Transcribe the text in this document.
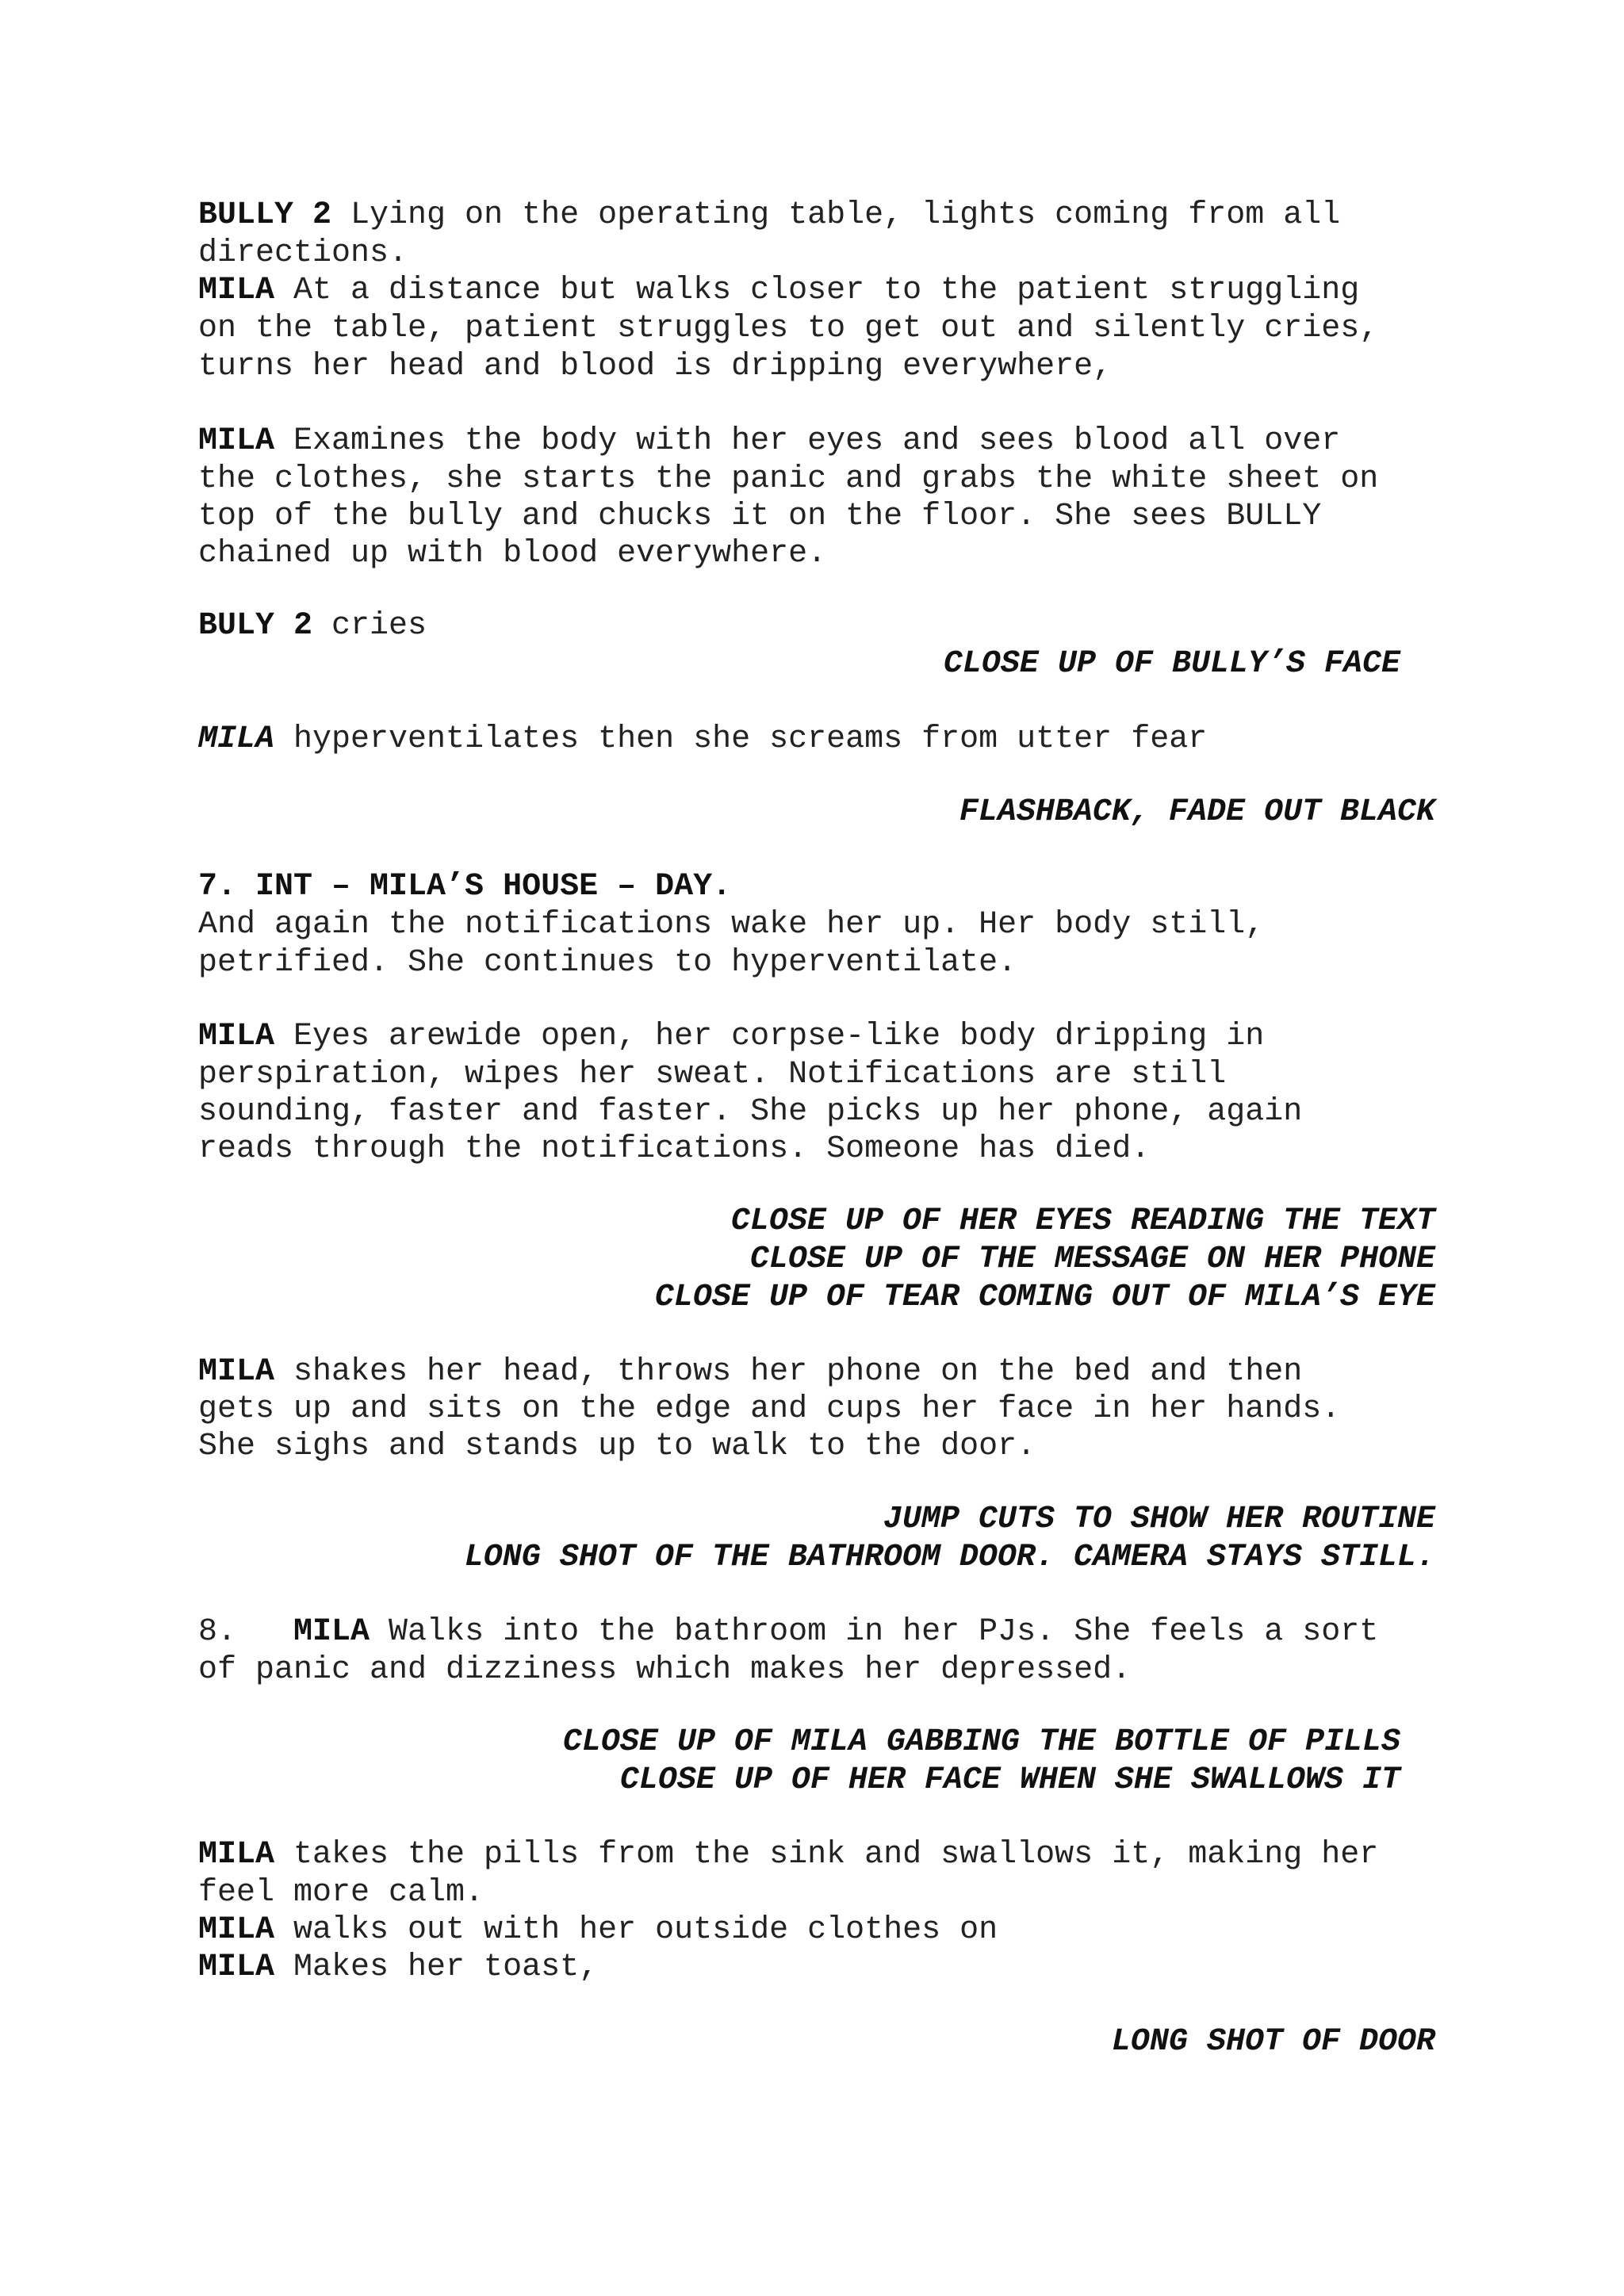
BULLY 2 Lying on the operating table, lights coming from all
directions.
MILA At a distance but walks closer to the patient struggling
on the table, patient struggles to get out and silently cries,
turns her head and blood is dripping everywhere,
MILA Examines the body with her eyes and sees blood all over
the clothes, she starts the panic and grabs the white sheet on
top of the bully and chucks it on the floor. She sees BULLY
chained up with blood everywhere.
BULY 2 cries
CLOSE UP OF BULLY’S FACE
MILA hyperventilates then she screams from utter fear
FLASHBACK, FADE OUT BLACK
7. INT – MILA’S HOUSE – DAY.
And again the notifications wake her up. Her body still,
petrified. She continues to hyperventilate.
MILA Eyes arewide open, her corpse-like body dripping in
perspiration, wipes her sweat. Notifications are still
sounding, faster and faster. She picks up her phone, again
reads through the notifications. Someone has died.
CLOSE UP OF HER EYES READING THE TEXT
CLOSE UP OF THE MESSAGE ON HER PHONE
CLOSE UP OF TEAR COMING OUT OF MILA’S EYE
MILA shakes her head, throws her phone on the bed and then
gets up and sits on the edge and cups her face in her hands.
She sighs and stands up to walk to the door.
JUMP CUTS TO SHOW HER ROUTINE
LONG SHOT OF THE BATHROOM DOOR. CAMERA STAYS STILL.
8.   MILA Walks into the bathroom in her PJs. She feels a sort
of panic and dizziness which makes her depressed.
CLOSE UP OF MILA GABBING THE BOTTLE OF PILLS
CLOSE UP OF HER FACE WHEN SHE SWALLOWS IT
MILA takes the pills from the sink and swallows it, making her
feel more calm.
MILA walks out with her outside clothes on
MILA Makes her toast,
LONG SHOT OF DOOR
